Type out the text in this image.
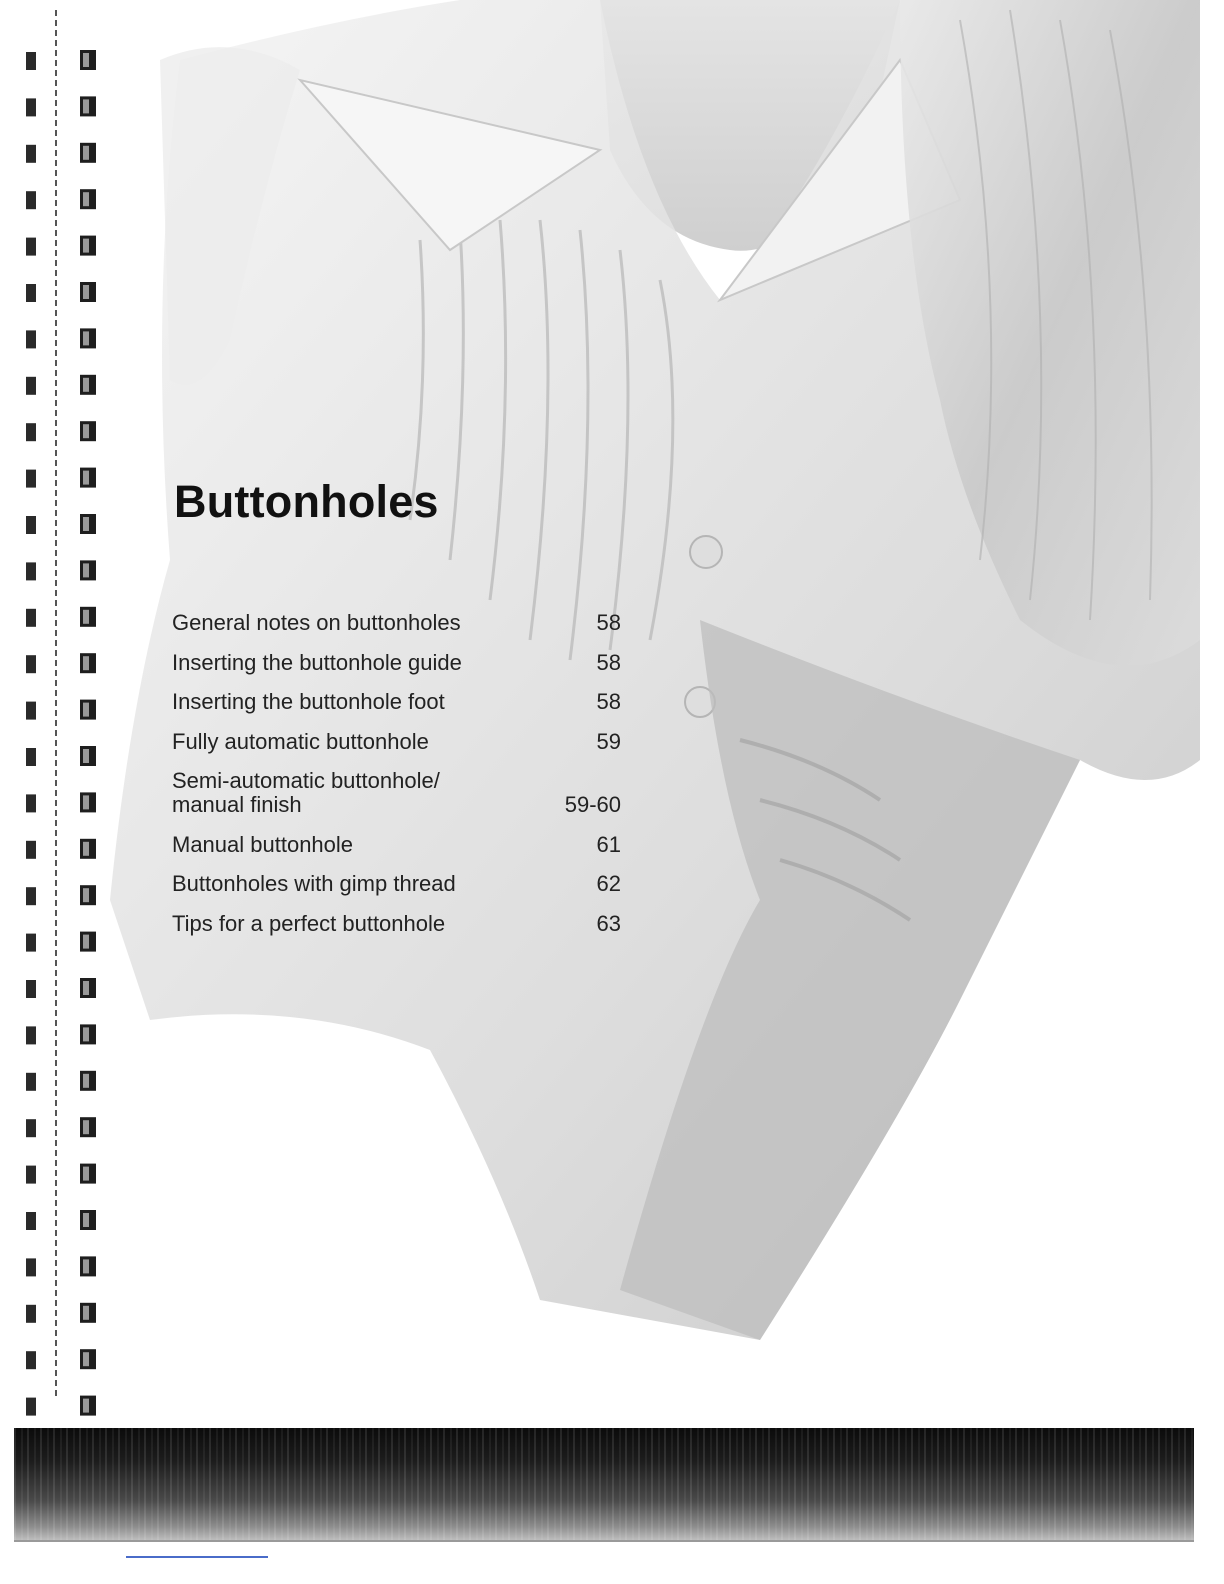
Buttonholes
General notes on buttonholes	58
Inserting the buttonhole guide	58
Inserting the buttonhole foot	58
Fully automatic buttonhole	59
Semi-automatic buttonhole/
manual finish	59-60
Manual buttonhole	61
Buttonholes with gimp thread	62
Tips for a perfect buttonhole	63
